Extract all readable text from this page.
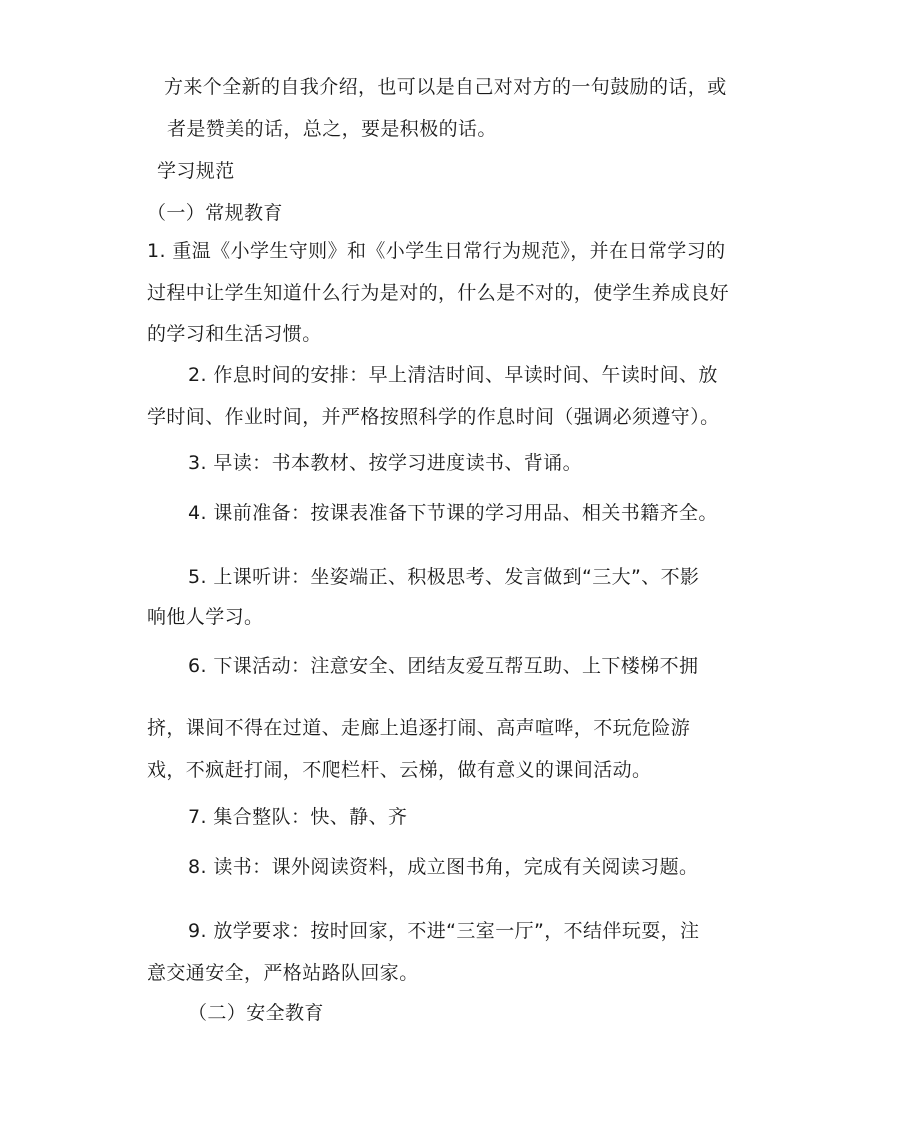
方来个全新的自我介绍，也可以是自己对对方的一句鼓励的话，或
者是赞美的话，总之，要是积极的话。
学习规范
（一）常规教育
1. 重温《小学生守则》和《小学生日常行为规范》，并在日常学习的
过程中让学生知道什么行为是对的，什么是不对的，使学生养成良好
的学习和生活习惯。
2. 作息时间的安排：早上清洁时间、早读时间、午读时间、放
学时间、作业时间，并严格按照科学的作息时间（强调必须遵守）。
3. 早读：书本教材、按学习进度读书、背诵。
4. 课前准备：按课表准备下节课的学习用品、相关书籍齐全。
5. 上课听讲：坐姿端正、积极思考、发言做到“三大”、不影
响他人学习。
6. 下课活动：注意安全、团结友爱互帮互助、上下楼梯不拥
挤，课间不得在过道、走廊上追逐打闹、高声喧哗，不玩危险游
戏，不疯赶打闹，不爬栏杆、云梯，做有意义的课间活动。
7. 集合整队：快、静、齐
8. 读书：课外阅读资料，成立图书角，完成有关阅读习题。
9. 放学要求：按时回家，不进“三室一厅”，不结伴玩耍，注
意交通安全，严格站路队回家。
（二）安全教育
